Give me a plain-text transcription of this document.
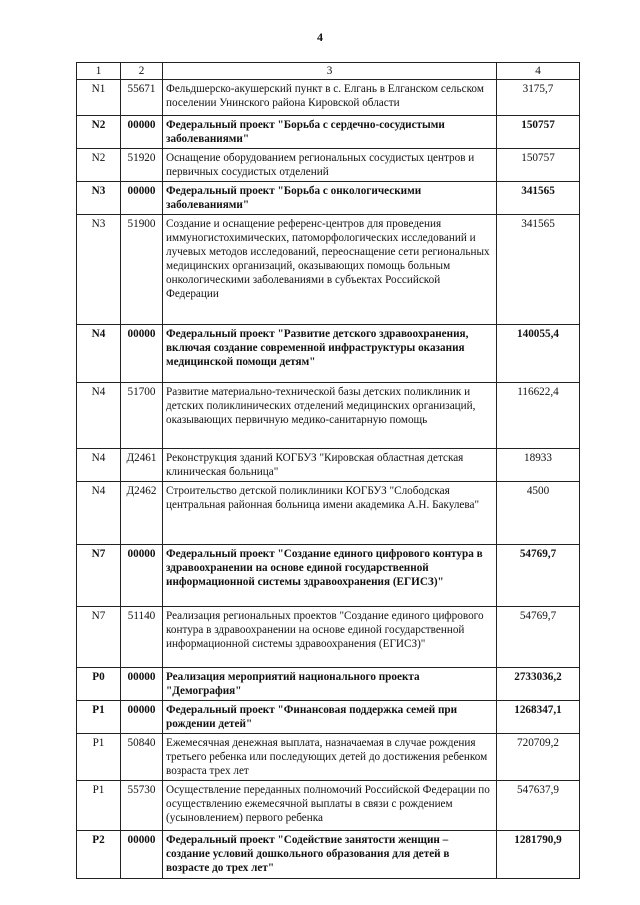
4
1	2	3	4
N1	55671	Фельдшерско-акушерский пункт в с. Елгань в Елганском сельском поселении Унинского района Кировской области	3175,7
N2	00000	Федеральный проект "Борьба с сердечно-сосудистыми заболеваниями"	150757
N2	51920	Оснащение оборудованием региональных сосудистых центров и первичных сосудистых отделений	150757
N3	00000	Федеральный проект "Борьба с онкологическими заболеваниями"	341565
N3	51900	Создание и оснащение референс-центров для проведения иммуногистохимических, патоморфологических исследований и лучевых методов исследований, переоснащение сети региональных медицинских организаций, оказывающих помощь больным онкологическими заболеваниями в субъектах Российской Федерации	341565
N4	00000	Федеральный проект "Развитие детского здравоохранения, включая создание современной инфраструктуры оказания медицинской помощи детям"	140055,4
N4	51700	Развитие материально-технической базы детских поликлиник и детских поликлинических отделений медицинских организаций, оказывающих первичную медико-санитарную помощь	116622,4
N4	Д2461	Реконструкция зданий КОГБУЗ "Кировская областная детская клиническая больница"	18933
N4	Д2462	Строительство детской поликлиники КОГБУЗ "Слободская центральная районная больница имени академика А.Н. Бакулева"	4500
N7	00000	Федеральный проект "Создание единого цифрового контура в здравоохранении на основе единой государственной информационной системы здравоохранения (ЕГИСЗ)"	54769,7
N7	51140	Реализация региональных проектов "Создание единого цифрового контура в здравоохранении на основе единой государственной информационной системы здравоохранения (ЕГИСЗ)"	54769,7
P0	00000	Реализация мероприятий национального проекта "Демография"	2733036,2
P1	00000	Федеральный проект "Финансовая поддержка семей при рождении детей"	1268347,1
P1	50840	Ежемесячная денежная выплата, назначаемая в случае рождения третьего ребенка или последующих детей до достижения ребенком возраста трех лет	720709,2
P1	55730	Осуществление переданных полномочий Российской Федерации по осуществлению ежемесячной выплаты в связи с рождением (усыновлением) первого ребенка	547637,9
P2	00000	Федеральный проект "Содействие занятости женщин – создание условий дошкольного образования для детей в возрасте до трех лет"	1281790,9
